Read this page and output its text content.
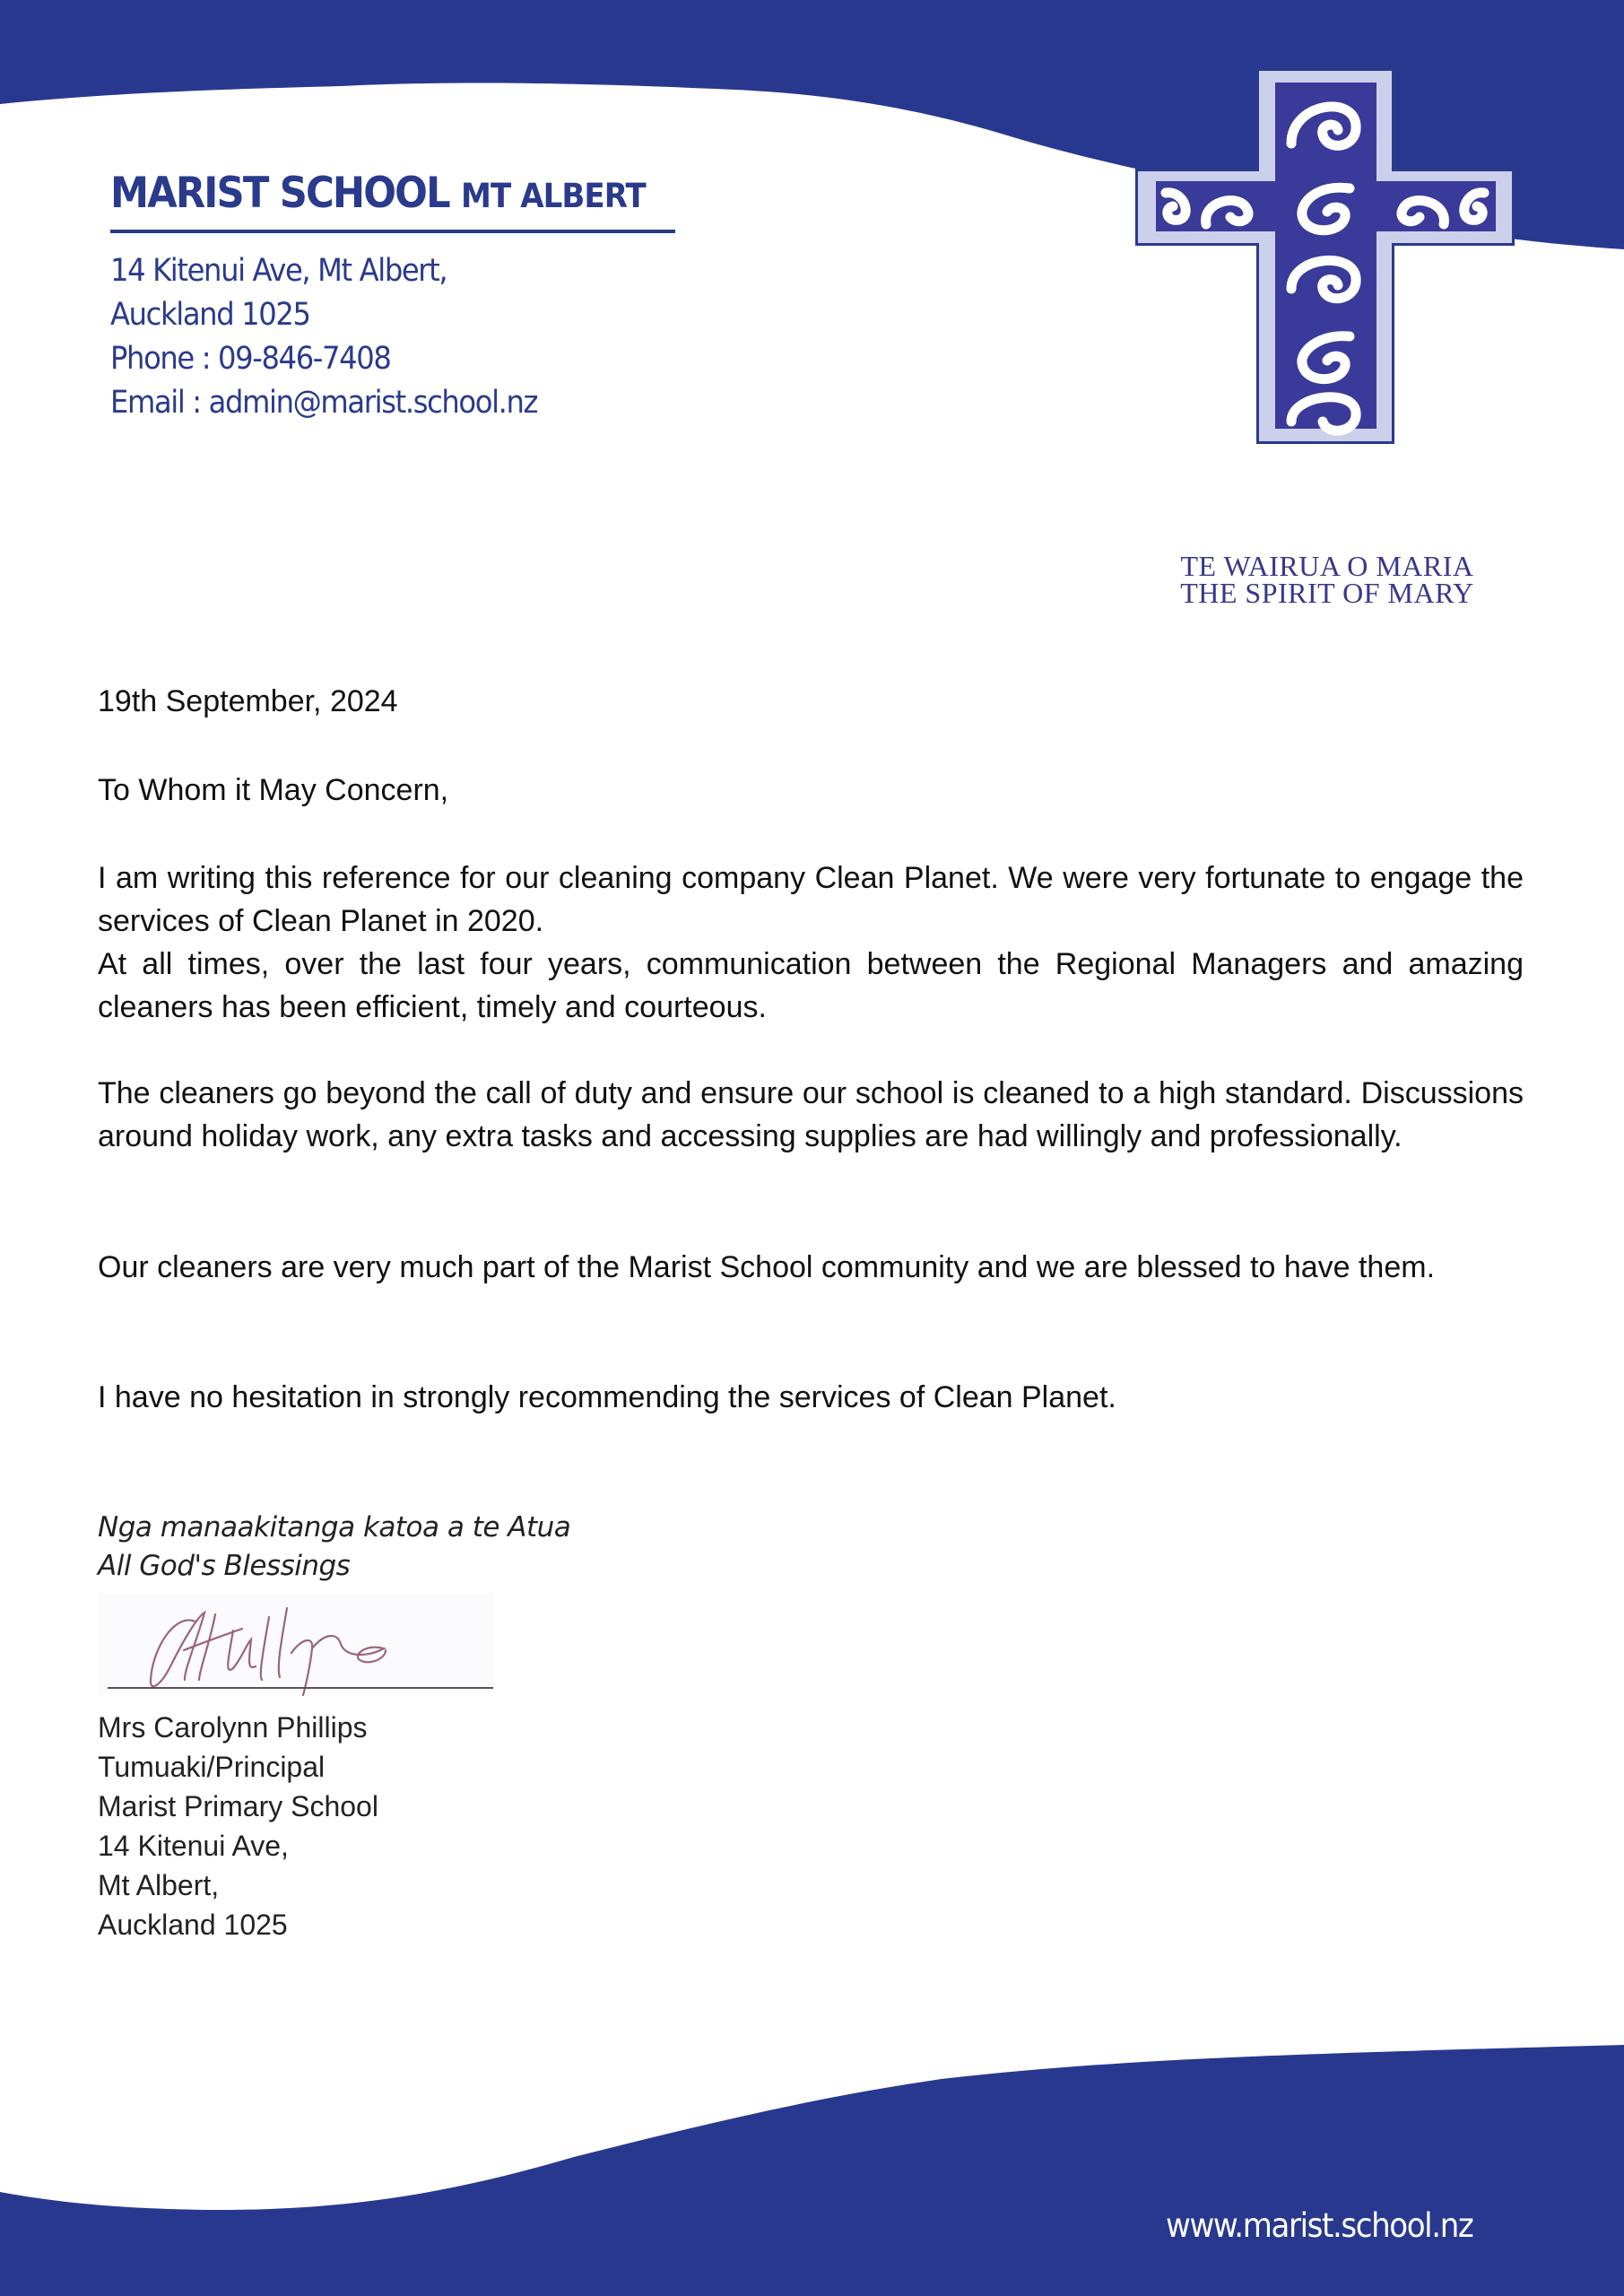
MARIST SCHOOL MT ALBERT
14 Kitenui Ave, Mt Albert,
Auckland 1025
Phone : 09-846-7408
Email : admin@marist.school.nz
TE WAIRUA O MARIA
THE SPIRIT OF MARY
19th September, 2024
To Whom it May Concern,
I am writing this reference for our cleaning company Clean Planet. We were very fortunate to engage the services of Clean Planet in 2020.
At all times, over the last four years, communication between the Regional Managers and amazing cleaners has been efficient, timely and courteous.
The cleaners go beyond the call of duty and ensure our school is cleaned to a high standard. Discussions around holiday work, any extra tasks and accessing supplies are had willingly and professionally.
Our cleaners are very much part of the Marist School community and we are blessed to have them.
I have no hesitation in strongly recommending the services of Clean Planet.
Nga manaakitanga katoa a te Atua
All God's Blessings
Mrs Carolynn Phillips
Tumuaki/Principal
Marist Primary School
14 Kitenui Ave,
Mt Albert,
Auckland 1025
www.marist.school.nz
